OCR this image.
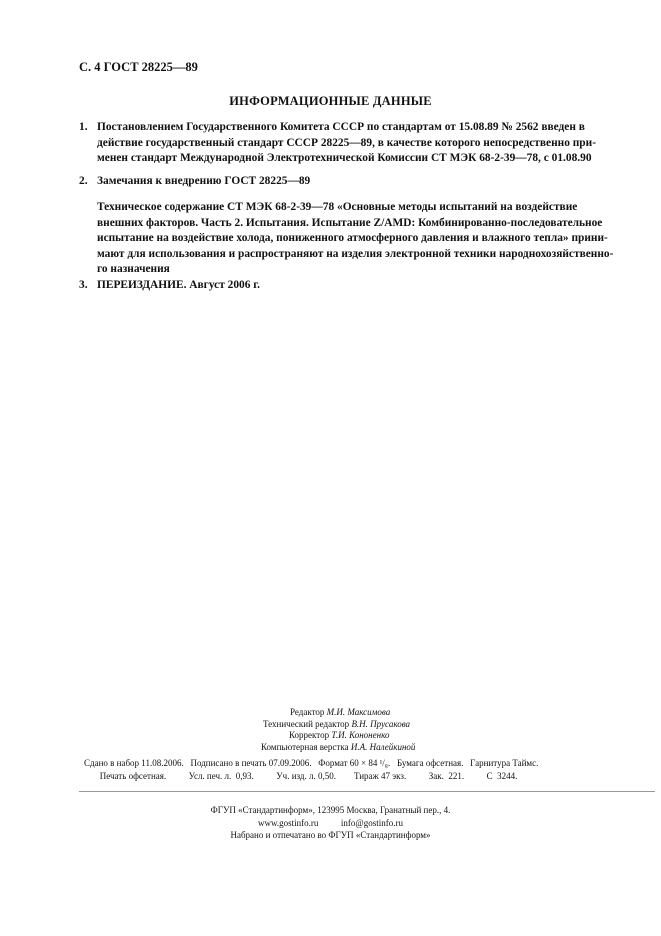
С. 4 ГОСТ 28225—89
ИНФОРМАЦИОННЫЕ ДАННЫЕ
1. Постановлением Государственного Комитета СССР по стандартам от 15.08.89 № 2562 введен в
действие государственный стандарт СССР 28225—89, в качестве которого непосредственно при-
менен стандарт Международной Электротехнической Комиссии СТ МЭК 68-2-39—78, с 01.08.90
2. Замечания к внедрению ГОСТ 28225—89
Техническое содержание СТ МЭК 68-2-39—78 «Основные методы испытаний на воздействие
внешних факторов. Часть 2. Испытания. Испытание Z/AMD: Комбинированно-последовательное
испытание на воздействие холода, пониженного атмосферного давления и влажного тепла» прини-
мают для использования и распространяют на изделия электронной техники народнохозяйственно-
го назначения
3. ПЕРЕИЗДАНИЕ. Август 2006 г.
Редактор М.И. Максимова
Технический редактор В.Н. Прусакова
Корректор Т.И. Кононенко
Компьютерная верстка И.А. Налейкиной
Сдано в набор 11.08.2006.   Подписано в печать 07.09.2006.   Формат 60 × 84 ¹/₈.   Бумага офсетная.   Гарнитура Таймс.
Печать офсетная.          Усл. печ. л.  0,93.          Уч. изд. л. 0,50.        Тираж 47 экз.          Зак.  221.          С  3244.
ФГУП «Стандартинформ», 123995 Москва, Гранатный пер., 4.
www.gostinfo.ru          info@gostinfo.ru
Набрано и отпечатано во ФГУП «Стандартинформ»
